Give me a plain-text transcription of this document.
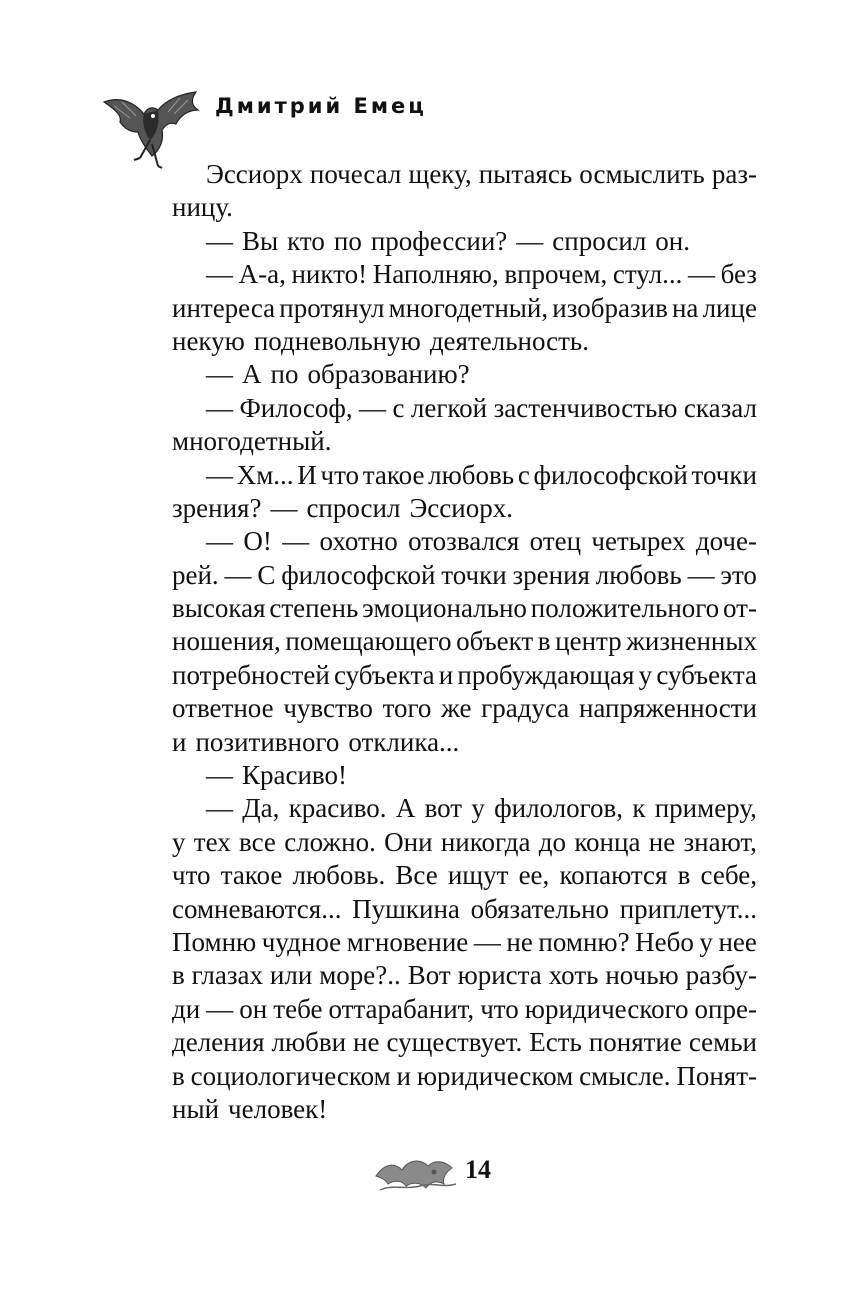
Дмитрий Емец
Эссиорх почесал щеку, пытаясь осмыслить раз-
ницу.
— Вы кто по профессии? — спросил он.
— А-а, никто! Наполняю, впрочем, стул... — без
интереса протянул многодетный, изобразив на лице
некую подневольную деятельность.
— А по образованию?
— Философ, — с легкой застенчивостью сказал
многодетный.
— Хм... И что такое любовь с философской точки
зрения? — спросил Эссиорх.
— О! — охотно отозвался отец четырех доче-
рей. — С философской точки зрения любовь — это
высокая степень эмоционально положительного от-
ношения, помещающего объект в центр жизненных
потребностей субъекта и пробуждающая у субъекта
ответное чувство того же градуса напряженности
и позитивного отклика...
— Красиво!
— Да, красиво. А вот у филологов, к примеру,
у тех все сложно. Они никогда до конца не знают,
что такое любовь. Все ищут ее, копаются в себе,
сомневаются... Пушкина обязательно приплетут...
Помню чудное мгновение — не помню? Небо у нее
в глазах или море?.. Вот юриста хоть ночью разбу-
ди — он тебе оттарабанит, что юридического опре-
деления любви не существует. Есть понятие семьи
в социологическом и юридическом смысле. Понят-
ный человек!
14
